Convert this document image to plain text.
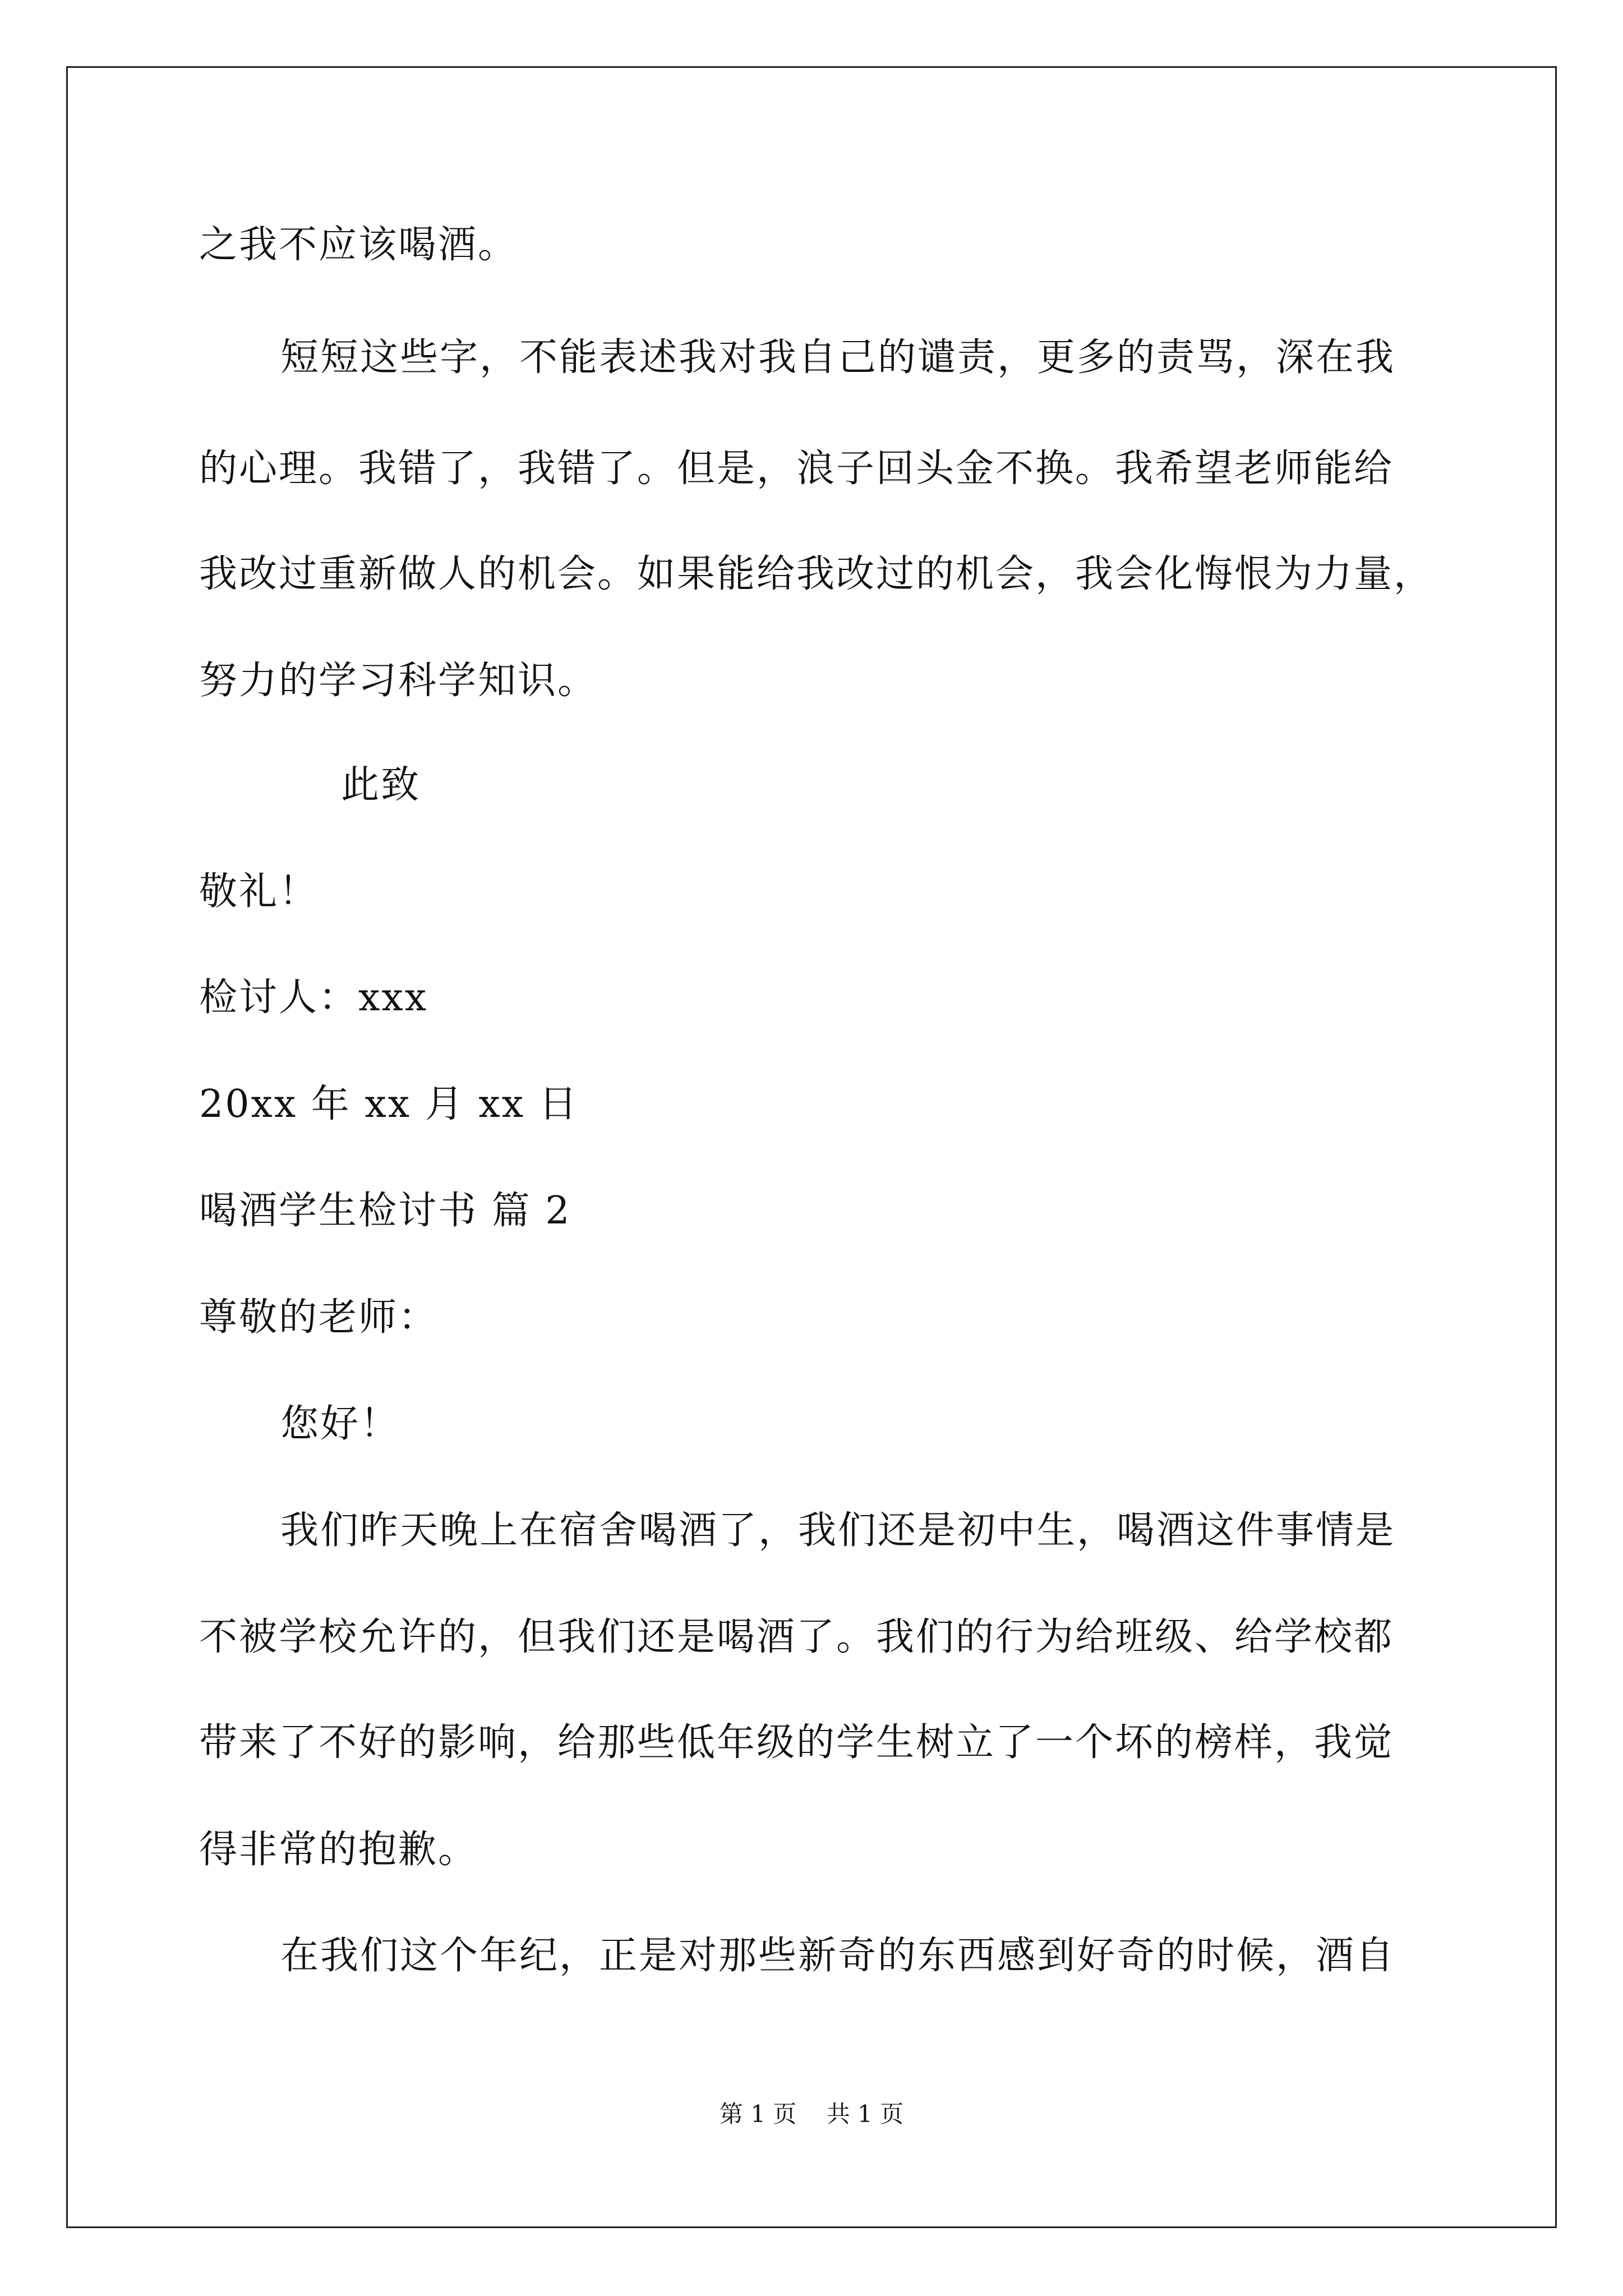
之我不应该喝酒。
短短这些字，不能表述我对我自己的谴责，更多的责骂，深在我
的心理。我错了，我错了。但是，浪子回头金不换。我希望老师能给
我改过重新做人的机会。如果能给我改过的机会，我会化悔恨为力量，
努力的学习科学知识。
此致
敬礼！
检讨人：xxx
20xx 年 xx 月 xx 日
喝酒学生检讨书 篇 2
尊敬的老师：
您好！
我们昨天晚上在宿舍喝酒了，我们还是初中生，喝酒这件事情是
不被学校允许的，但我们还是喝酒了。我们的行为给班级、给学校都
带来了不好的影响，给那些低年级的学生树立了一个坏的榜样，我觉
得非常的抱歉。
在我们这个年纪，正是对那些新奇的东西感到好奇的时候，酒自
第 1 页    共 1 页
